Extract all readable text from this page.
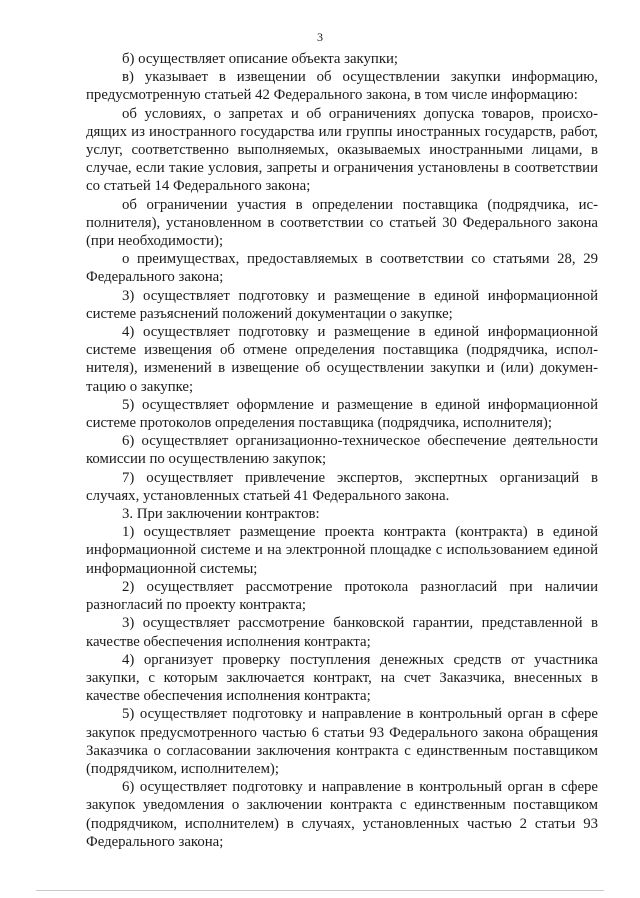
3

б) осуществляет описание объекта закупки;

в) указывает в извещении об осуществлении закупки информацию, предусмотренную статьей 42 Федерального закона, в том числе информацию:

об условиях, о запретах и об ограничениях допуска товаров, происходящих из иностранного государства или группы иностранных государств, работ, услуг, соответственно выполняемых, оказываемых иностранными лицами, в случае, если такие условия, запреты и ограничения установлены в соответствии со статьей 14 Федерального закона;

об ограничении участия в определении поставщика (подрядчика, исполнителя), установленном в соответствии со статьей 30 Федерального закона (при необходимости);

о преимуществах, предоставляемых в соответствии со статьями 28, 29 Федерального закона;

3) осуществляет подготовку и размещение в единой информационной системе разъяснений положений документации о закупке;

4) осуществляет подготовку и размещение в единой информационной системе извещения об отмене определения поставщика (подрядчика, исполнителя), изменений в извещение об осуществлении закупки и (или) документацию о закупке;

5) осуществляет оформление и размещение в единой информационной системе протоколов определения поставщика (подрядчика, исполнителя);

6) осуществляет организационно-техническое обеспечение деятельности комиссии по осуществлению закупок;

7) осуществляет привлечение экспертов, экспертных организаций в случаях, установленных статьей 41 Федерального закона.

3. При заключении контрактов:

1) осуществляет размещение проекта контракта (контракта) в единой информационной системе и на электронной площадке с использованием единой информационной системы;

2) осуществляет рассмотрение протокола разногласий при наличии разногласий по проекту контракта;

3) осуществляет рассмотрение банковской гарантии, представленной в качестве обеспечения исполнения контракта;

4) организует проверку поступления денежных средств от участника закупки, с которым заключается контракт, на счет Заказчика, внесенных в качестве обеспечения исполнения контракта;

5) осуществляет подготовку и направление в контрольный орган в сфере закупок предусмотренного частью 6 статьи 93 Федерального закона обращения Заказчика о согласовании заключения контракта с единственным поставщиком (подрядчиком, исполнителем);

6) осуществляет подготовку и направление в контрольный орган в сфере закупок уведомления о заключении контракта с единственным поставщиком (подрядчиком, исполнителем) в случаях, установленных частью 2 статьи 93 Федерального закона;
